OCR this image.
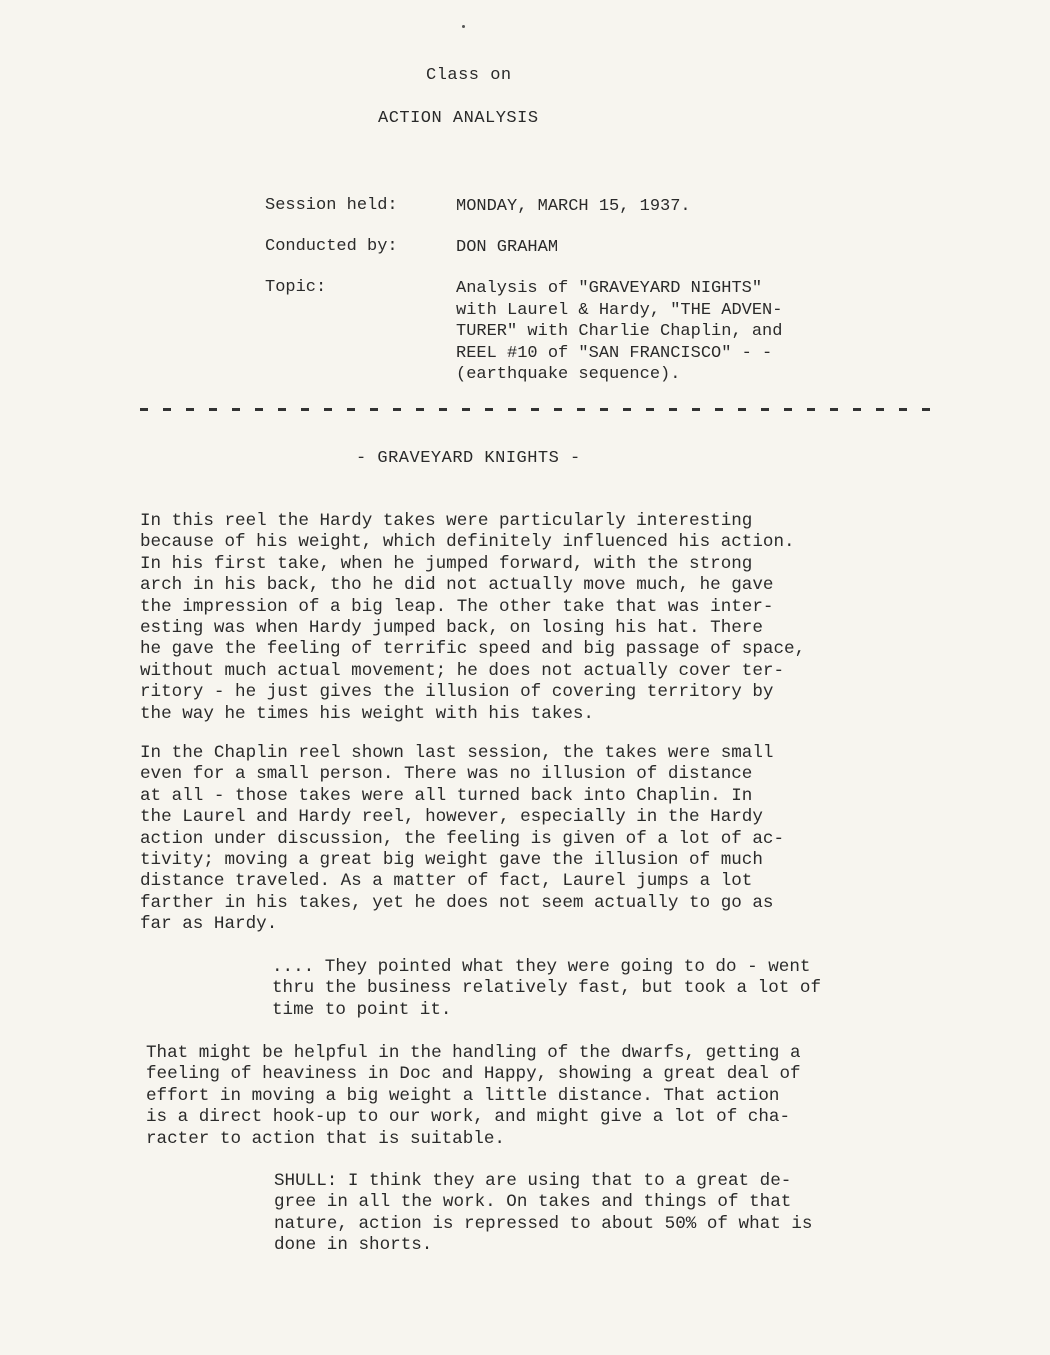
Class on
ACTION ANALYSIS
Session held:	MONDAY, MARCH 15, 1937.
Conducted by:	DON GRAHAM
Topic:	Analysis of "GRAVEYARD NIGHTS"
with Laurel & Hardy, "THE ADVEN-
TURER" with Charlie Chaplin, and
REEL #10 of "SAN FRANCISCO" - -
(earthquake sequence).
- GRAVEYARD KNIGHTS -
In this reel the Hardy takes were particularly interesting
because of his weight, which definitely influenced his action.
In his first take, when he jumped forward, with the strong
arch in his back, tho he did not actually move much, he gave
the impression of a big leap. The other take that was inter-
esting was when Hardy jumped back, on losing his hat. There
he gave the feeling of terrific speed and big passage of space,
without much actual movement; he does not actually cover ter-
ritory - he just gives the illusion of covering territory by
the way he times his weight with his takes.
In the Chaplin reel shown last session, the takes were small
even for a small person. There was no illusion of distance
at all - those takes were all turned back into Chaplin. In
the Laurel and Hardy reel, however, especially in the Hardy
action under discussion, the feeling is given of a lot of ac-
tivity; moving a great big weight gave the illusion of much
distance traveled. As a matter of fact, Laurel jumps a lot
farther in his takes, yet he does not seem actually to go as
far as Hardy.
.... They pointed what they were going to do - went
thru the business relatively fast, but took a lot of
time to point it.
That might be helpful in the handling of the dwarfs, getting a
feeling of heaviness in Doc and Happy, showing a great deal of
effort in moving a big weight a little distance. That action
is a direct hook-up to our work, and might give a lot of cha-
racter to action that is suitable.
SHULL: I think they are using that to a great de-
gree in all the work. On takes and things of that
nature, action is repressed to about 50% of what is
done in shorts.
